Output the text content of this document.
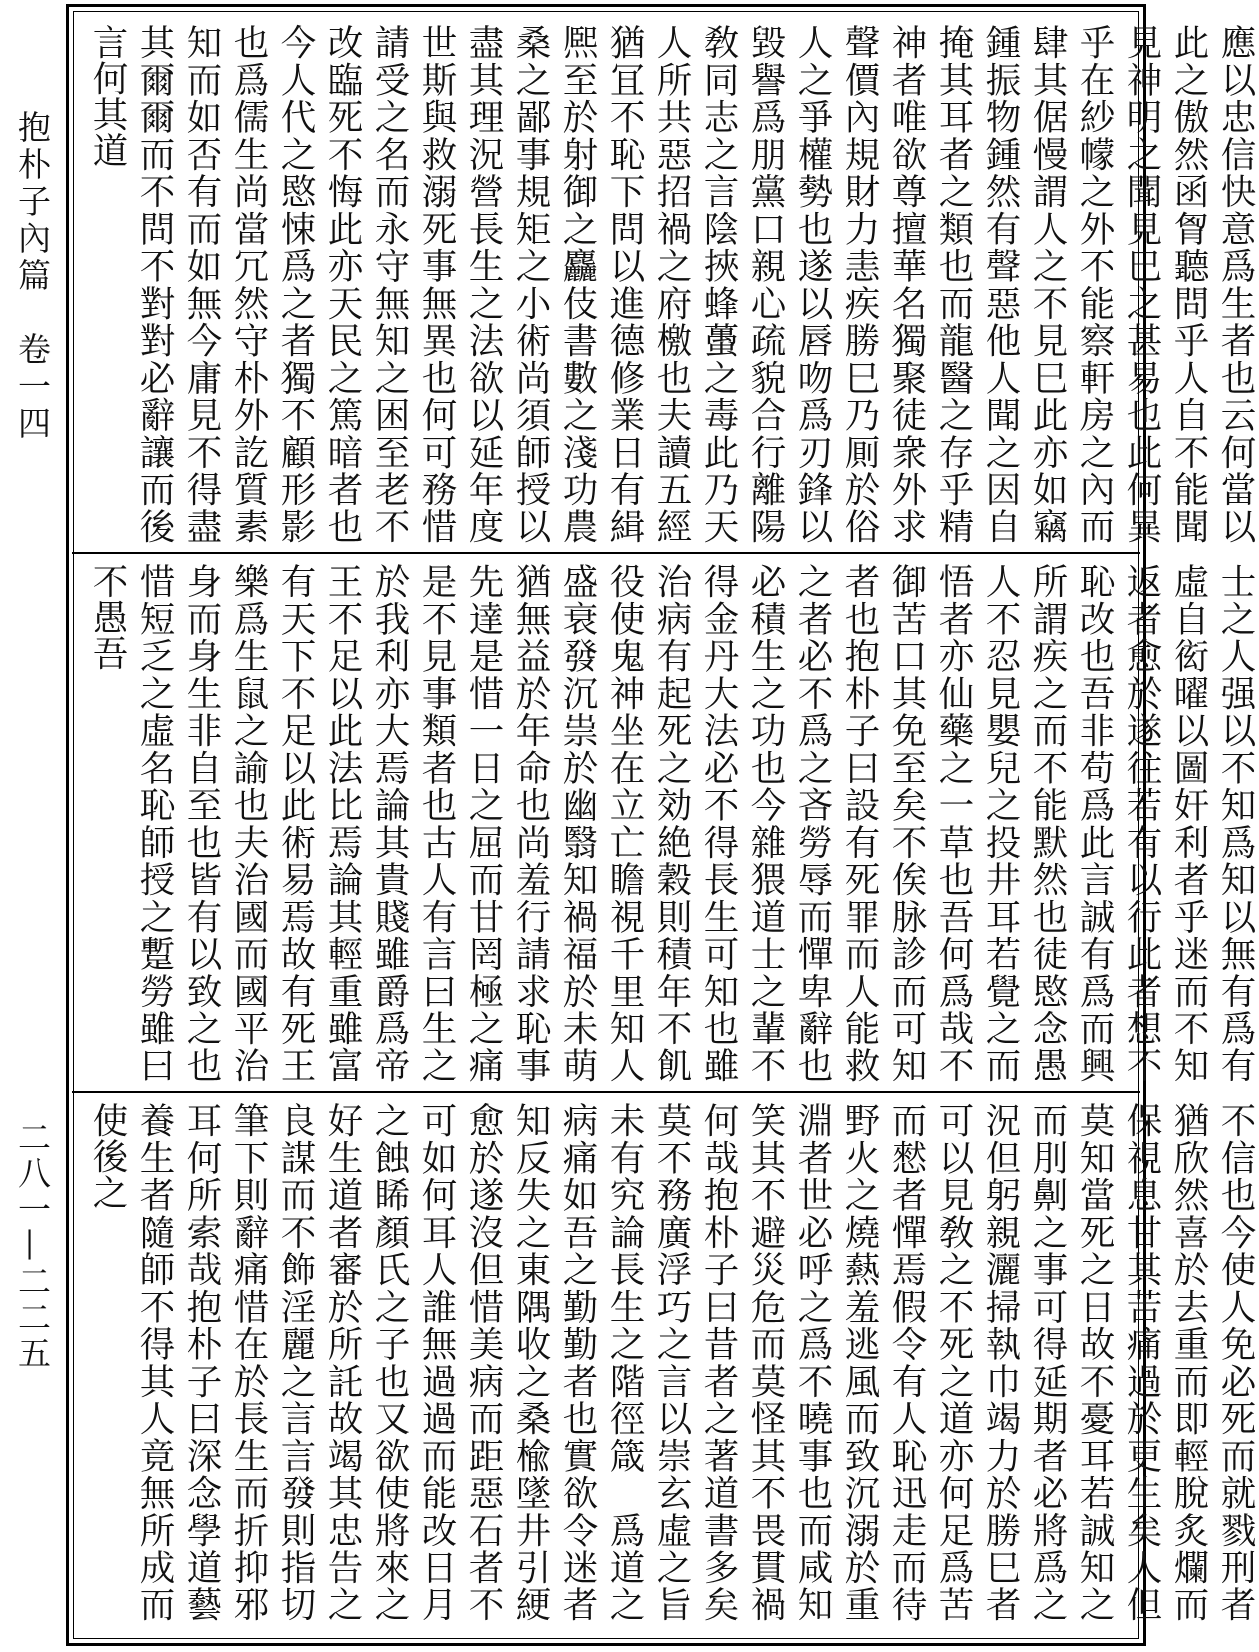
抱朴子內篇　卷一四
二八一—二二五
應以忠信快意爲生者也云何當以此之傲然函胷聽問乎人自不能聞見神明之聞見巳之甚易也此何異乎在紗幪之外不能察軒房之內而肆其倨慢謂人之不見巳此亦如竊鍾振物鍾然有聲惡他人聞之因自掩其耳者之類也而龍醫之存乎精神者唯欲尊擅華名獨聚徒衆外求聲價內規財力恚疾勝巳乃厠於俗人之爭權勢也遂以唇吻爲刃鋒以毀譽爲朋黨口親心疏貌合行離陽敎同志之言陰挾蜂蠆之毒此乃天人所共惡招禍之府檄也夫讀五經猶冝不恥下問以進德修業日有緝熈至於射御之麤伎書數之淺功農桑之鄙事規矩之小術尚須師授以盡其理況營長生之法欲以延年度世斯與救溺死事無異也何可務惜請受之名而永守無知之困至老不改臨死不悔此亦天民之篤暗者也今人代之愍悚爲之者獨不顧形影也爲儒生尚當冗然守朴外訖質素知而如否有而如無今庸見不得盡其爾爾而不問不對對必辭讓而後言何其道
士之人强以不知爲知以無有爲有虛自衒曜以圖奸利者乎迷而不知返者愈於遂往若有以行此者想不恥改也吾非苟爲此言誠有爲而興所謂疾之而不能默然也徒愍念愚人不忍見嬰兒之投井耳若覺之而悟者亦仙藥之一草也吾何爲哉不御苦口其免至矣不俟脉診而可知者也抱朴子曰設有死罪而人能救之者必不爲之吝勞辱而憚卑辭也必積生之功也今雜猥道士之輩不得金丹大法必不得長生可知也雖治病有起死之効絶穀則積年不飢役使鬼神坐在立亡瞻視千里知人盛衰發沉祟於幽翳知禍福於未萌猶無益於年命也尚羞行請求恥事先達是惜一日之屈而甘罔極之痛是不見事類者也古人有言曰生之於我利亦大焉論其貴賤雖爵爲帝王不足以此法比焉論其輕重雖富有天下不足以此術易焉故有死王樂爲生鼠之諭也夫治國而國平治身而身生非自至也皆有以致之也惜短乏之虛名恥師授之蹔勞雖曰不愚吾
不信也今使人免必死而就戮刑者猶欣然喜於去重而即輕脫炙爛而保視息甘其苦痛過於更生矣人但莫知當死之日故不憂耳若誠知之而刖劓之事可得延期者必將爲之況但躬親灑掃執巾竭力於勝巳者可以見敎之不死之道亦何足爲苦而憖者憚焉假令有人恥迅走而待野火之燒爇羞逃風而致沉溺於重淵者世必呼之爲不曉事也而咸知笑其不避災危而莫怪其不畏貫禍何哉抱朴子曰昔者之著道書多矣莫不務廣浮巧之言以崇玄虛之旨未有究論長生之階徑箴　爲道之病痛如吾之勤勤者也實欲令迷者知反失之東隅收之桑楡墜井引綆愈於遂沒但惜美病而距惡石者不可如何耳人誰無過過而能改日月之蝕睎顏氏之子也又欲使將來之好生道者審於所託故竭其忠告之良謀而不飾淫麗之言言發則指切筆下則辭痛惜在於長生而折抑邪耳何所索哉抱朴子曰深念學道藝養生者隨師不得其人竟無所成而使後之
